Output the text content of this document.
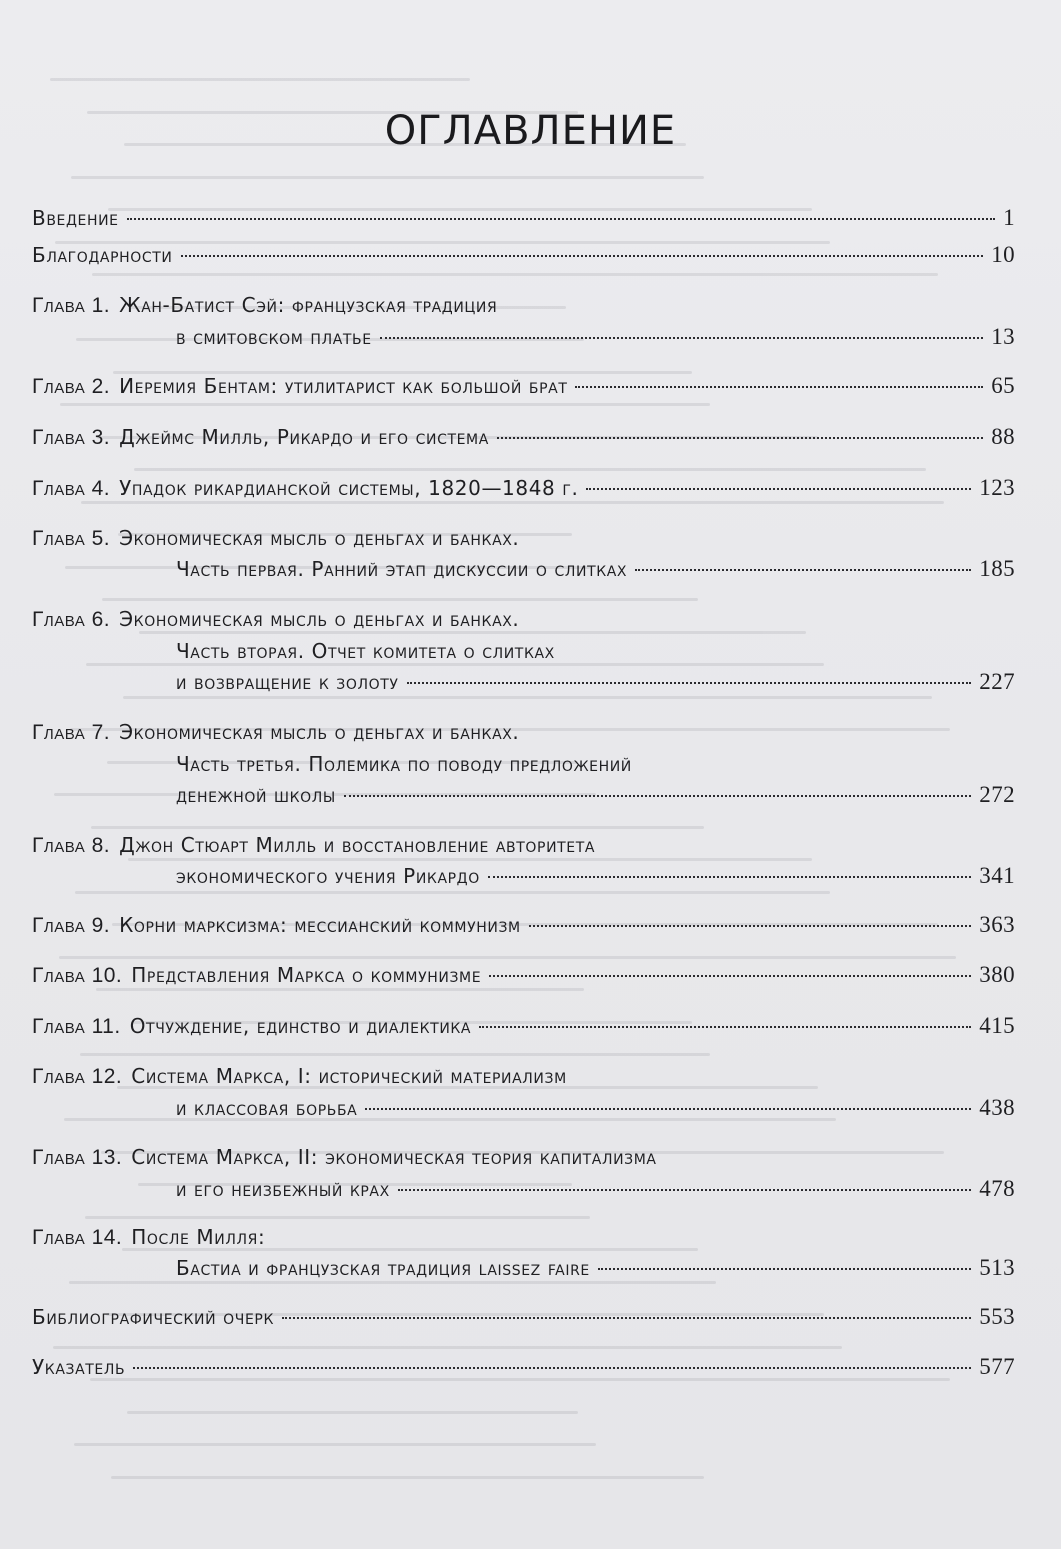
ОГЛАВЛЕНИЕ
Введение	1
Благодарности	10
Глава 1. Жан-Батист Сэй: французская традиция
в смитовском платье	13
Глава 2. Иеремия Бентам: утилитарист как большой брат	65
Глава 3. Джеймс Милль, Рикардо и его система	88
Глава 4. Упадок рикардианской системы, 1820—1848 г.	123
Глава 5. Экономическая мысль о деньгах и банках.
Часть первая. Ранний этап дискуссии о слитках	185
Глава 6. Экономическая мысль о деньгах и банках.
Часть вторая. Отчет комитета о слитках
и возвращение к золоту	227
Глава 7. Экономическая мысль о деньгах и банках.
Часть третья. Полемика по поводу предложений
денежной школы	272
Глава 8. Джон Стюарт Милль и восстановление авторитета
экономического учения Рикардо	341
Глава 9. Корни марксизма: мессианский коммунизм	363
Глава 10. Представления Маркса о коммунизме	380
Глава 11. Отчуждение, единство и диалектика	415
Глава 12. Система Маркса, I: исторический материализм
и классовая борьба	438
Глава 13. Система Маркса, II: экономическая теория капитализма
и его неизбежный крах	478
Глава 14. После Милля:
Бастиа и французская традиция laissez faire	513
Библиографический очерк	553
Указатель	577
